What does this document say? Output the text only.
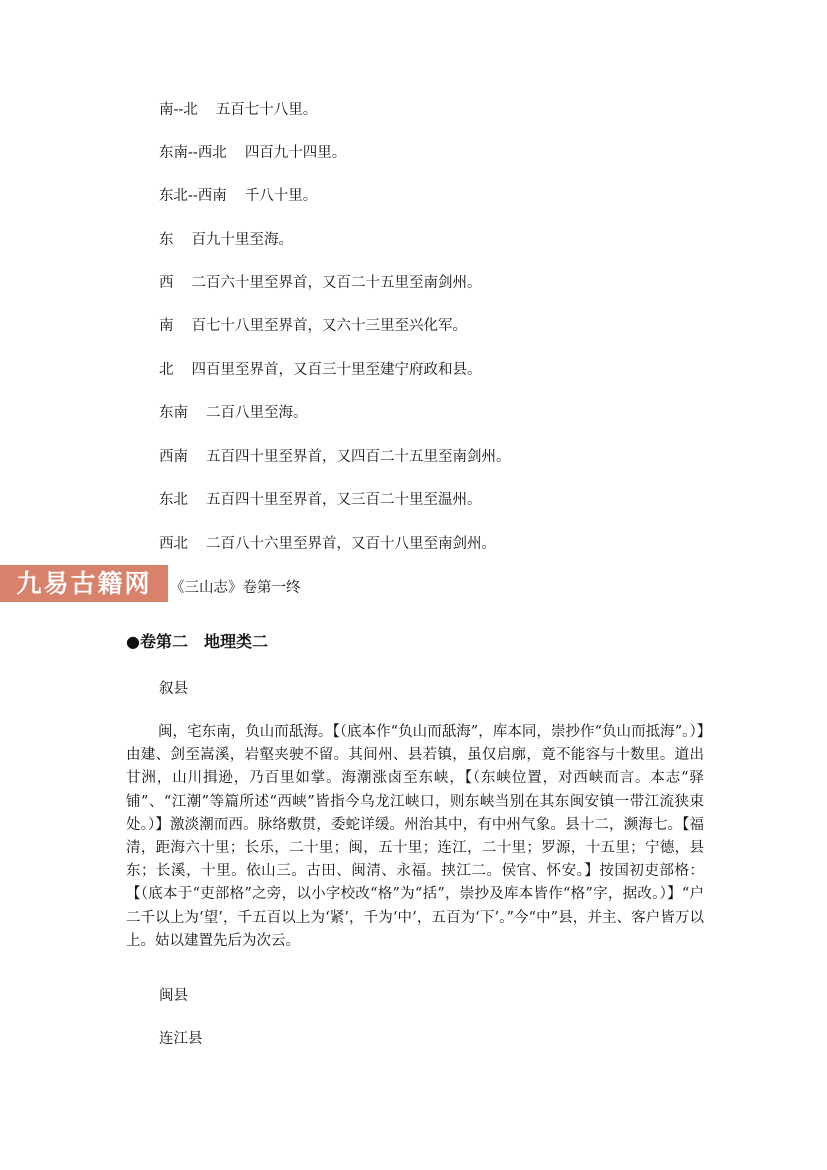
南--北 五百七十八里。
东南--西北 四百九十四里。
东北--西南 千八十里。
东 百九十里至海。
西 二百六十里至界首，又百二十五里至南剑州。
南 百七十八里至界首，又六十三里至兴化军。
北 四百里至界首，又百三十里至建宁府政和县。
东南 二百八里至海。
西南 五百四十里至界首，又四百二十五里至南剑州。
东北 五百四十里至界首，又三百二十里至温州。
西北 二百八十六里至界首，又百十八里至南剑州。
《三山志》卷第一终
九易古籍网
●卷第二　地理类二
叙县
闽，宅东南，负山而舐海。【（底本作“负山而舐海”，库本同，崇抄作“负山而抵海”。）】由建、剑至嵩溪，岩壑夹驶不留。其间州、县若镇，虽仅启廓，竟不能容与十数里。道出甘洲，山川揖逊，乃百里如掌。海潮涨卤至东峡，【（东峡位置，对西峡而言。本志“驿铺”、“江潮”等篇所述“西峡”皆指今乌龙江峡口，则东峡当别在其东闽安镇一带江流狭束处。）】激淡潮而西。脉络敷贯，委蛇详缓。州治其中，有中州气象。县十二，濒海七。【福清，距海六十里；长乐，二十里；闽，五十里；连江，二十里；罗源，十五里；宁德，县东；长溪，十里。依山三。古田、闽清、永福。挟江二。侯官、怀安。】按国初吏部格：【（底本于“吏部格”之旁，以小字校改“格”为“括”，崇抄及库本皆作“格”字，据改。）】“户二千以上为‘望’，千五百以上为‘紧’，千为‘中’，五百为‘下’。”今“中”县，并主、客户皆万以上。姑以建置先后为次云。
闽县
连江县
